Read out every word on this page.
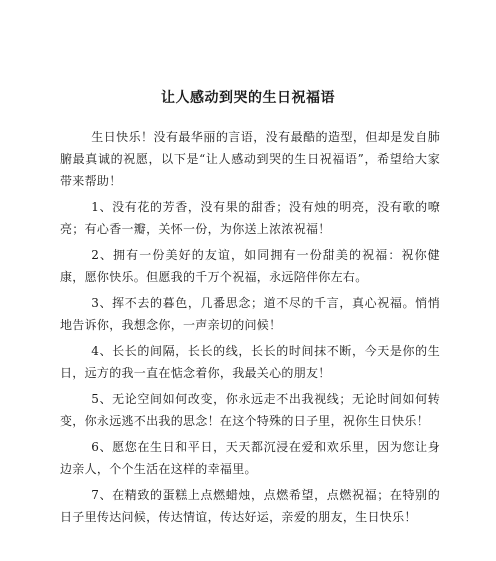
让人感动到哭的生日祝福语

生日快乐！没有最华丽的言语，没有最酷的造型，但却是发自肺腑最真诚的祝愿，以下是“让人感动到哭的生日祝福语”，希望给大家带来帮助！

1、没有花的芳香，没有果的甜香；没有烛的明亮，没有歌的嘹亮；有心香一瓣，关怀一份，为你送上浓浓祝福！

2、拥有一份美好的友谊，如同拥有一份甜美的祝福：祝你健康，愿你快乐。但愿我的千万个祝福，永远陪伴你左右。

3、挥不去的暮色，几番思念；道不尽的千言，真心祝福。悄悄地告诉你，我想念你，一声亲切的问候！

4、长长的间隔，长长的线，长长的时间抹不断，今天是你的生日，远方的我一直在惦念着你，我最关心的朋友！

5、无论空间如何改变，你永远走不出我视线；无论时间如何转变，你永远逃不出我的思念！在这个特殊的日子里，祝你生日快乐！

6、愿您在生日和平日，天天都沉浸在爱和欢乐里，因为您让身边亲人，个个生活在这样的幸福里。

7、在精致的蛋糕上点燃蜡烛，点燃希望，点燃祝福；在特别的日子里传达问候，传达情谊，传达好运，亲爱的朋友，生日快乐！
